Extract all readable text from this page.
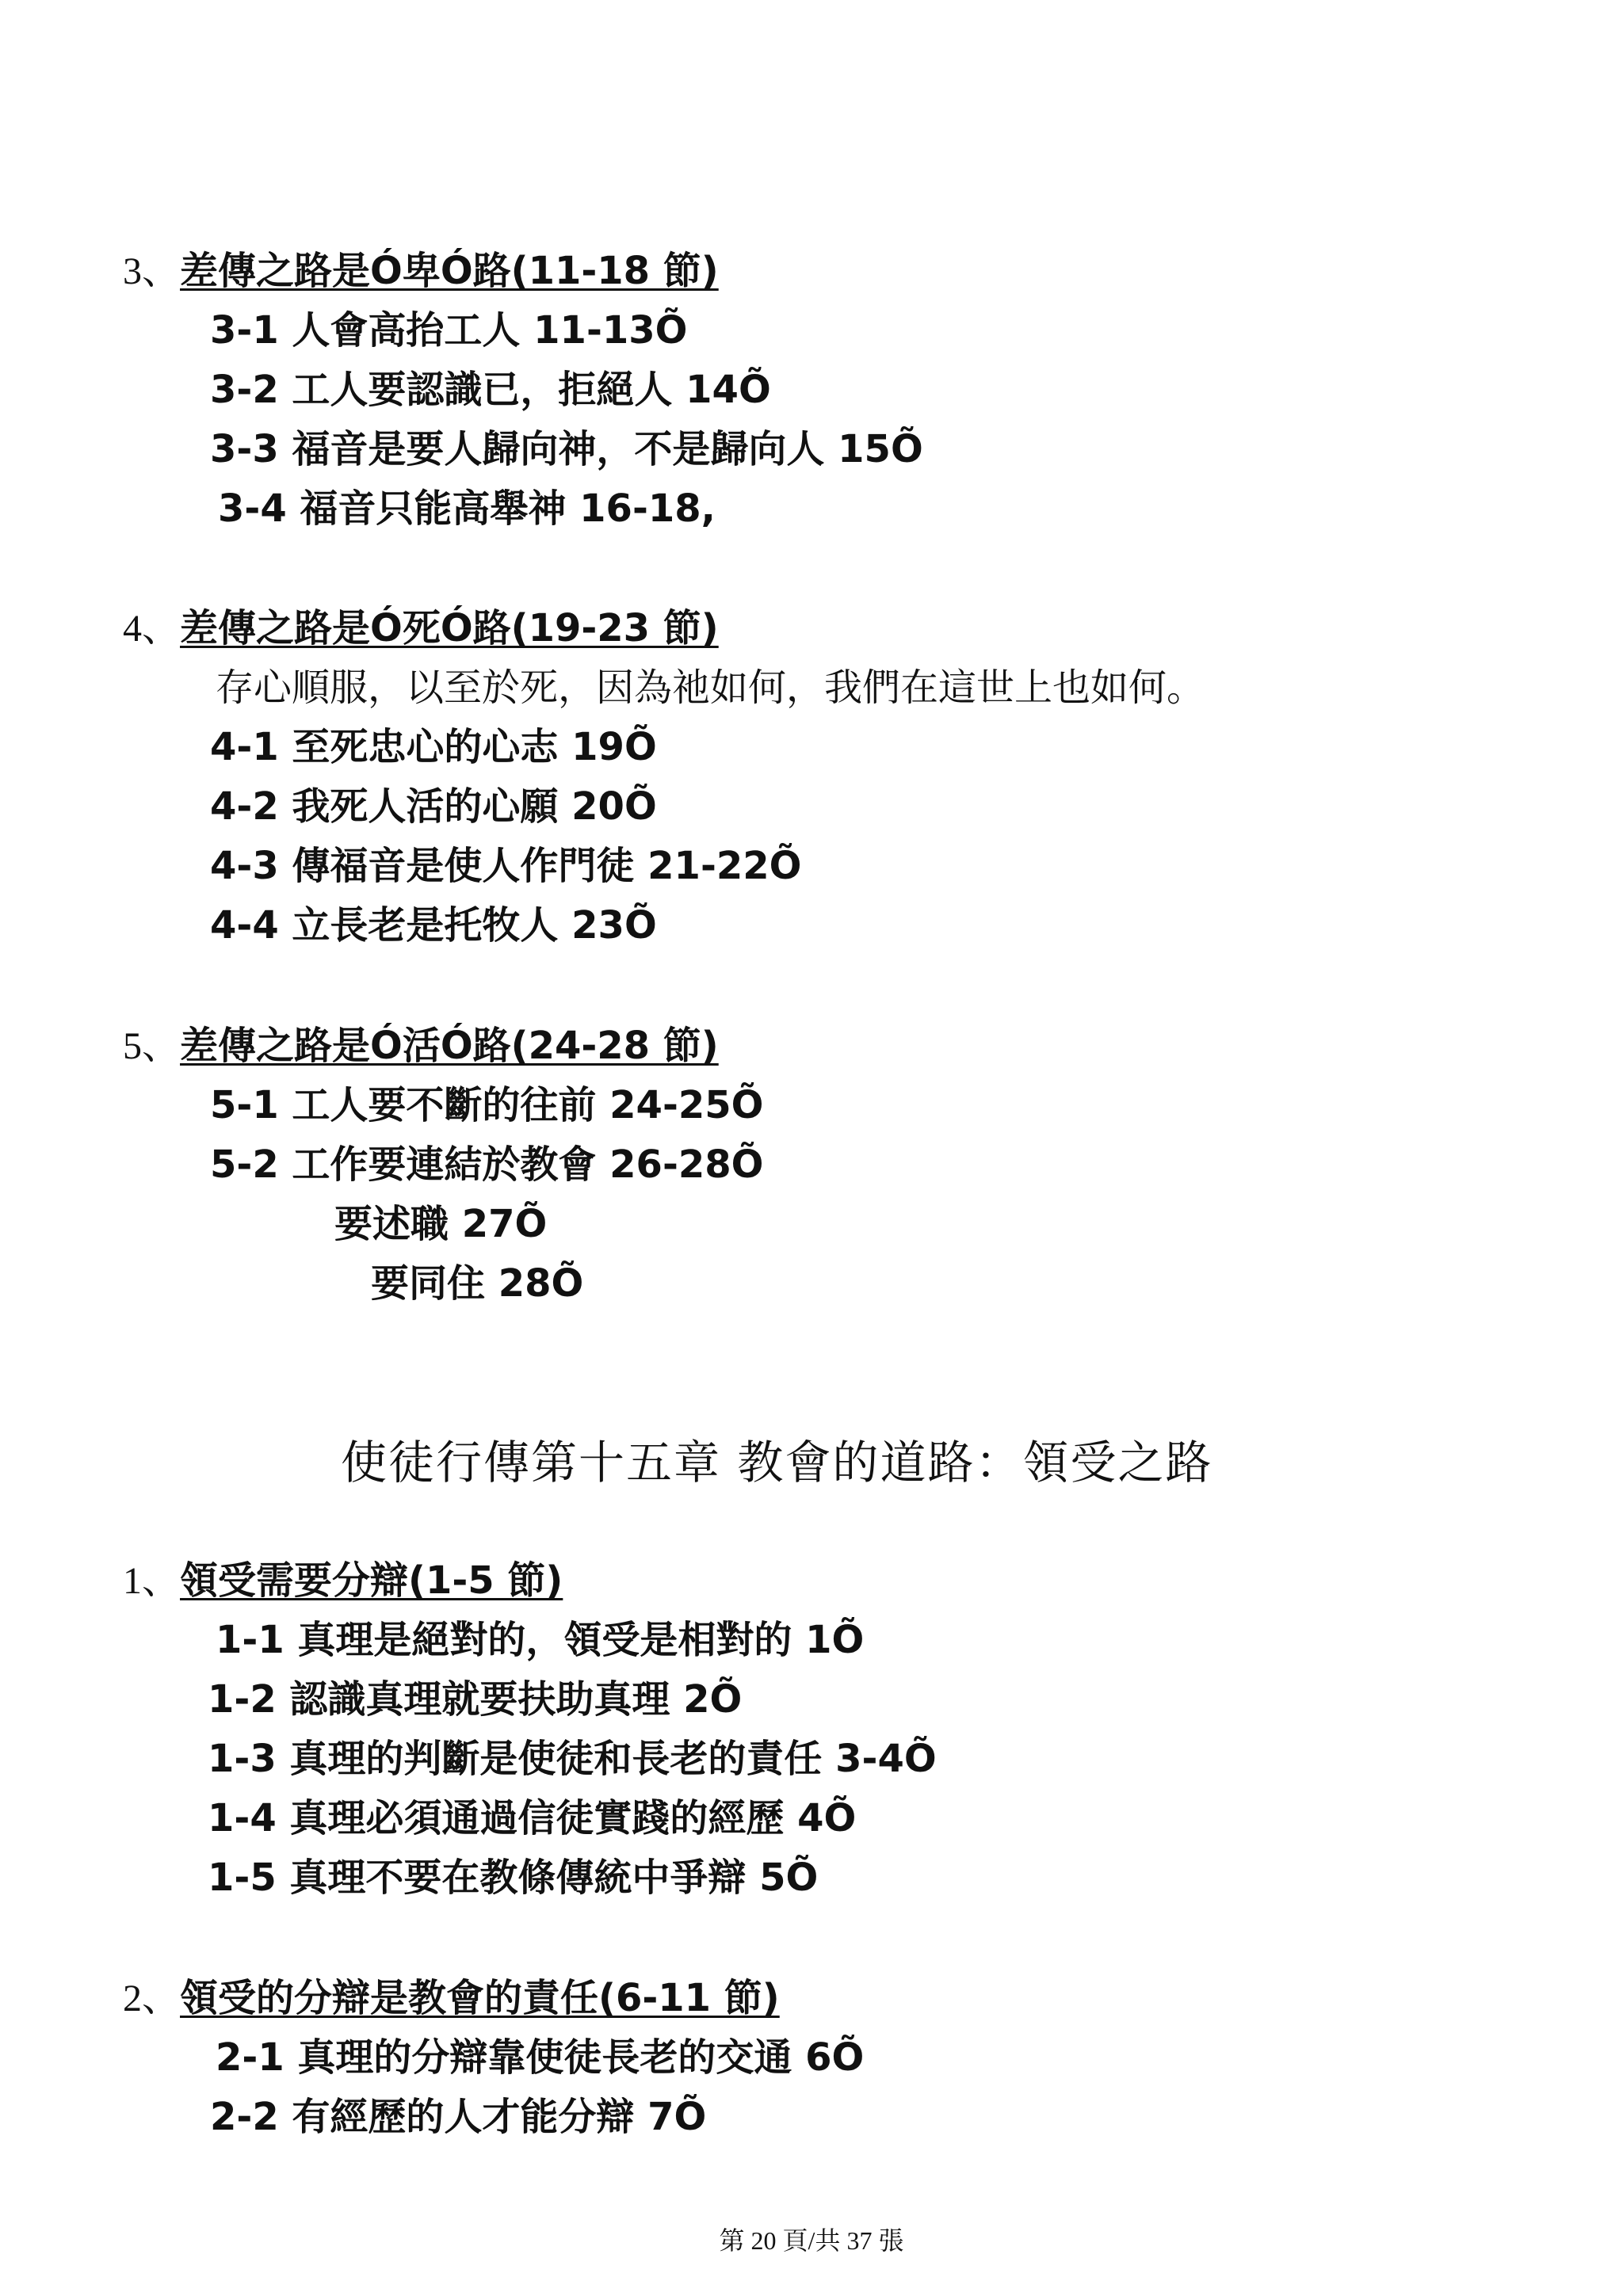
3、差傳之路是Ó卑Ó路(11-18 節)
3-1 人會高抬工人 11-13Õ
3-2 工人要認識已，拒絕人 14Õ
3-3 福音是要人歸向神，不是歸向人 15Õ
3-4 福音只能高舉神 16-18,
4、差傳之路是Ó死Ó路(19-23 節)
存心順服，以至於死，因為祂如何，我們在這世上也如何。
4-1 至死忠心的心志 19Õ
4-2 我死人活的心願 20Õ
4-3 傳福音是使人作門徒 21-22Õ
4-4 立長老是托牧人 23Õ
5、差傳之路是Ó活Ó路(24-28 節)
5-1 工人要不斷的往前 24-25Õ
5-2 工作要連結於教會 26-28Õ
要述職 27Õ
要同住 28Õ
使徒行傳第十五章 教會的道路：領受之路
1、領受需要分辯(1-5 節)
1-1 真理是絕對的，領受是相對的 1Õ
1-2 認識真理就要扶助真理 2Õ
1-3 真理的判斷是使徒和長老的責任 3-4Õ
1-4 真理必須通過信徒實踐的經歷 4Õ
1-5 真理不要在教條傳統中爭辯 5Õ
2、領受的分辯是教會的責任(6-11 節)
2-1 真理的分辯靠使徒長老的交通 6Õ
2-2 有經歷的人才能分辯 7Õ
第 20 頁/共 37 張
